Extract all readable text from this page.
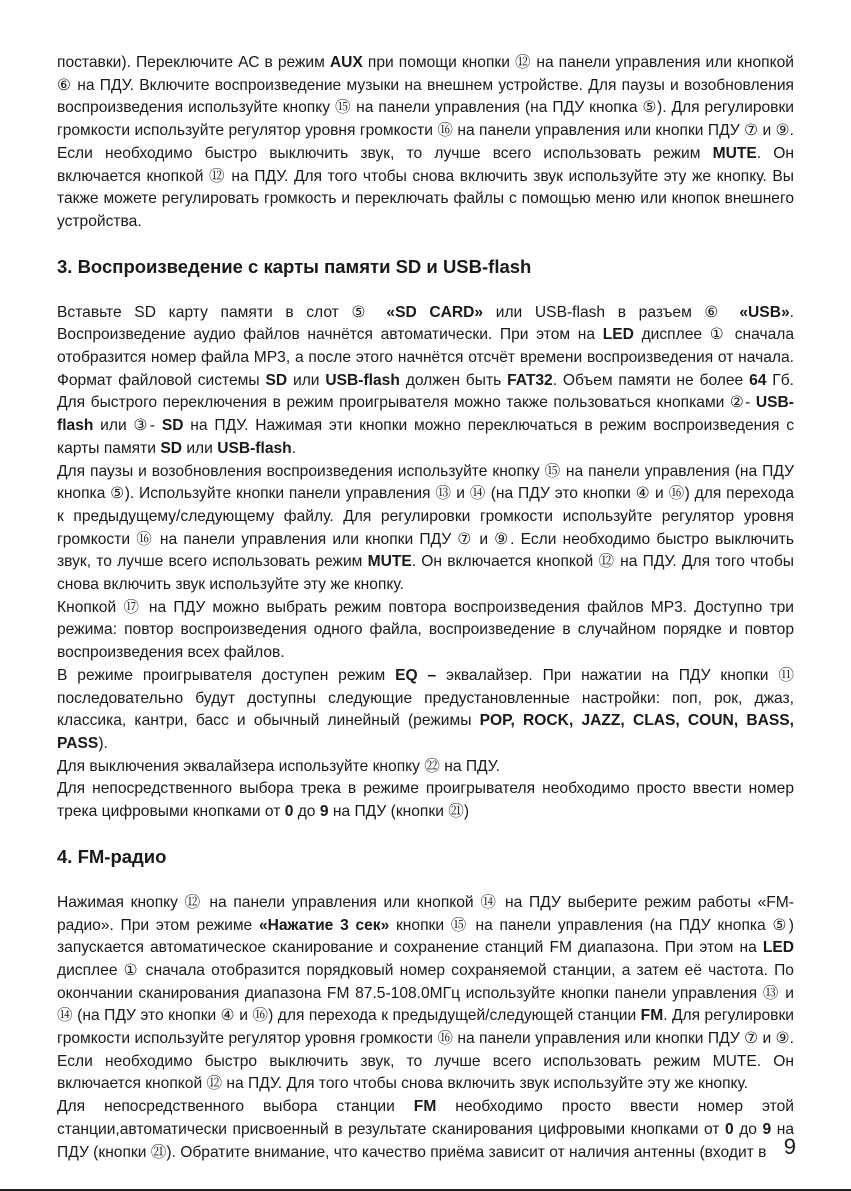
поставки). Переключите АС в режим AUX при помощи кнопки ⑫ на панели управления или кнопкой ⑥ на ПДУ. Включите воспроизведение музыки на внешнем устройстве. Для паузы и возобновления воспроизведения используйте кнопку ⑮ на панели управления (на ПДУ кнопка ⑤). Для регулировки громкости используйте регулятор уровня громкости ⑯ на панели управления или кнопки ПДУ ⑦ и ⑨. Если необходимо быстро выключить звук, то лучше всего использовать режим MUTE. Он включается кнопкой ⑫ на ПДУ. Для того чтобы снова включить звук используйте эту же кнопку. Вы также можете регулировать громкость и переключать файлы с помощью меню или кнопок внешнего устройства.

3. Воспроизведение с карты памяти SD и USB-flash

Вставьте SD карту памяти в слот ⑤ «SD CARD» или USB-flash в разъем ⑥ «USB». Воспроизведение аудио файлов начнётся автоматически. При этом на LED дисплее ① сначала отобразится номер файла MP3, а после этого начнётся отсчёт времени воспроизведения от начала. Формат файловой системы SD или USB-flash должен быть FAT32. Объем памяти не более 64 Гб. Для быстрого переключения в режим проигрывателя можно также пользоваться кнопками ②- USB-flash или ③- SD на ПДУ. Нажимая эти кнопки можно переключаться в режим воспроизведения с карты памяти SD или USB-flash.

Для паузы и возобновления воспроизведения используйте кнопку ⑮ на панели управления (на ПДУ кнопка ⑤). Используйте кнопки панели управления ⑬ и ⑭ (на ПДУ это кнопки ④ и ⑯) для перехода к предыдущему/следующему файлу. Для регулировки громкости используйте регулятор уровня громкости ⑯ на панели управления или кнопки ПДУ ⑦ и ⑨. Если необходимо быстро выключить звук, то лучше всего использовать режим MUTE. Он включается кнопкой ⑫ на ПДУ. Для того чтобы снова включить звук используйте эту же кнопку.

Кнопкой ⑰ на ПДУ можно выбрать режим повтора воспроизведения файлов MP3. Доступно три режима: повтор воспроизведения одного файла, воспроизведение в случайном порядке и повтор воспроизведения всех файлов.

В режиме проигрывателя доступен режим EQ – эквалайзер. При нажатии на ПДУ кнопки ⑪ последовательно будут доступны следующие предустановленные настройки: поп, рок, джаз, классика, кантри, басс и обычный линейный (режимы POP, ROCK, JAZZ, CLAS, COUN, BASS, PASS).

Для выключения эквалайзера используйте кнопку ㉒ на ПДУ.

Для непосредственного выбора трека в режиме проигрывателя необходимо просто ввести номер трека цифровыми кнопками от 0 до 9 на ПДУ (кнопки ㉑)

4. FM-радио

Нажимая кнопку ⑫ на панели управления или кнопкой ⑭ на ПДУ выберите режим работы «FM-радио». При этом режиме «Нажатие 3 сек» кнопки ⑮ на панели управления (на ПДУ кнопка ⑤) запускается автоматическое сканирование и сохранение станций FM диапазона. При этом на LED дисплее ① сначала отобразится порядковый номер сохраняемой станции, а затем её частота. По окончании сканирования диапазона FM 87.5-108.0МГц используйте кнопки панели управления ⑬ и ⑭ (на ПДУ это кнопки ④ и ⑯) для перехода к предыдущей/следующей станции FM. Для регулировки громкости используйте регулятор уровня громкости ⑯ на панели управления или кнопки ПДУ ⑦ и ⑨. Если необходимо быстро выключить звук, то лучше всего использовать режим MUTE. Он включается кнопкой ⑫ на ПДУ. Для того чтобы снова включить звук используйте эту же кнопку.

Для непосредственного выбора станции FM необходимо просто ввести номер этой станции,автоматически присвоенный в результате сканирования цифровыми кнопками от 0 до 9 на ПДУ (кнопки ㉑). Обратите внимание, что качество приёма зависит от наличия антенны (входит в 9
